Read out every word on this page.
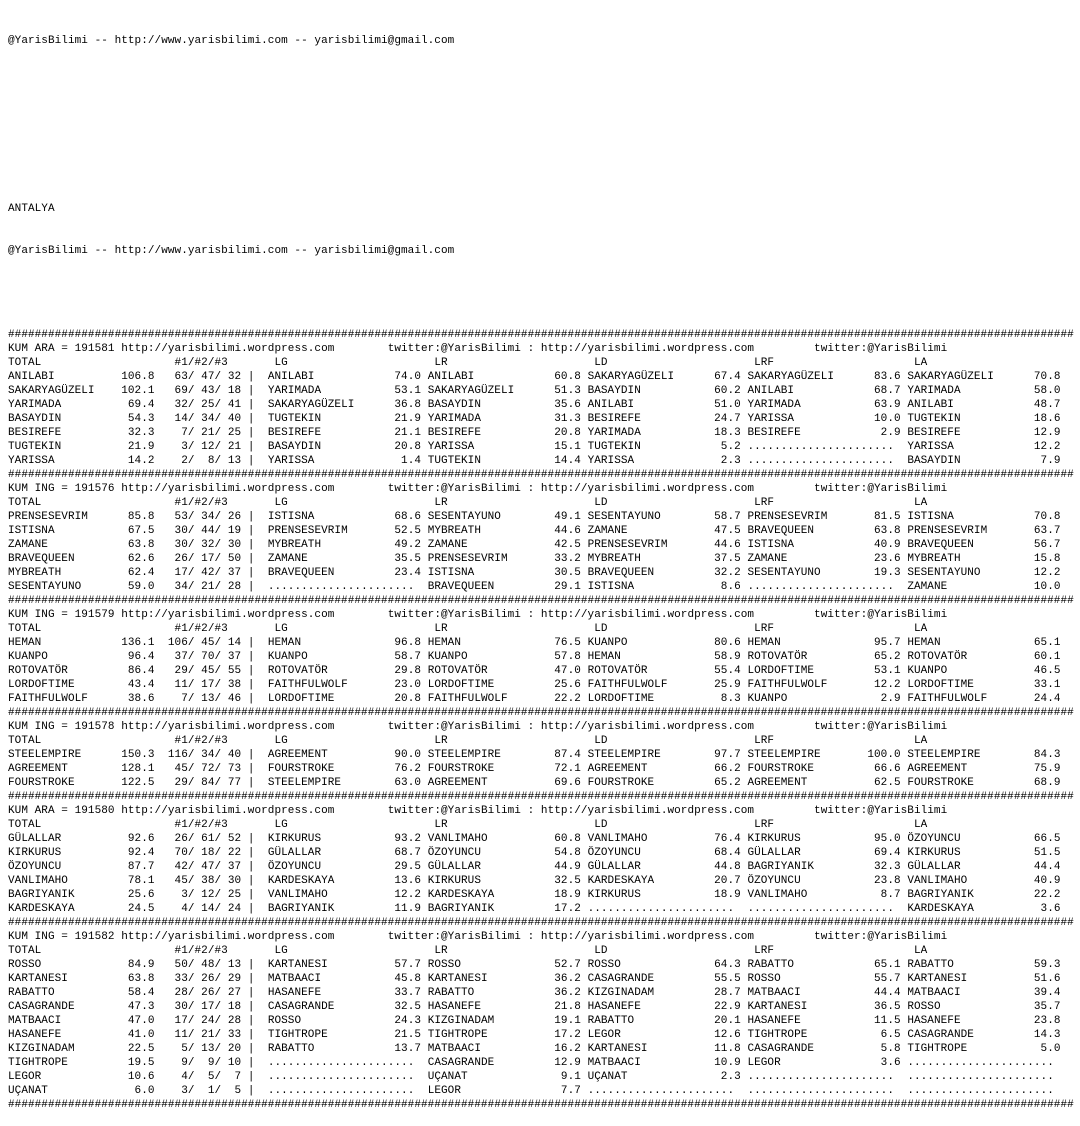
@YarisBilimi -- http://www.yarisbilimi.com -- yarisbilimi@gmail.com

ANTALYA

@YarisBilimi -- http://www.yarisbilimi.com -- yarisbilimi@gmail.com

################################################################################################################################################################
KUM ARA = 191581 http://yarisbilimi.wordpress.com        twitter:@YarisBilimi : http://yarisbilimi.wordpress.com         twitter:@YarisBilimi
TOTAL                    #1/#2/#3       LG                      LR                      LD                      LRF                     LA
ANILABI          106.8   63/ 47/ 32 |  ANILABI            74.0 ANILABI            60.8 SAKARYAGÜZELI      67.4 SAKARYAGÜZELI      83.6 SAKARYAGÜZELI      70.8
SAKARYAGÜZELI    102.1   69/ 43/ 18 |  YARIMADA           53.1 SAKARYAGÜZELI      51.3 BASAYDIN           60.2 ANILABI            68.7 YARIMADA           58.0
YARIMADA          69.4   32/ 25/ 41 |  SAKARYAGÜZELI      36.8 BASAYDIN           35.6 ANILABI            51.0 YARIMADA           63.9 ANILABI            48.7
BASAYDIN          54.3   14/ 34/ 40 |  TUGTEKIN           21.9 YARIMADA           31.3 BESIREFE           24.7 YARISSA            10.0 TUGTEKIN           18.6
BESIREFE          32.3    7/ 21/ 25 |  BESIREFE           21.1 BESIREFE           20.8 YARIMADA           18.3 BESIREFE            2.9 BESIREFE           12.9
TUGTEKIN          21.9    3/ 12/ 21 |  BASAYDIN           20.8 YARISSA            15.1 TUGTEKIN            5.2 ......................  YARISSA            12.2
YARISSA           14.2    2/  8/ 13 |  YARISSA             1.4 TUGTEKIN           14.4 YARISSA             2.3 ......................  BASAYDIN            7.9
################################################################################################################################################################
KUM ING = 191576 http://yarisbilimi.wordpress.com        twitter:@YarisBilimi : http://yarisbilimi.wordpress.com         twitter:@YarisBilimi
TOTAL                    #1/#2/#3       LG                      LR                      LD                      LRF                     LA
PRENSESEVRIM      85.8   53/ 34/ 26 |  ISTISNA            68.6 SESENTAYUNO        49.1 SESENTAYUNO        58.7 PRENSESEVRIM       81.5 ISTISNA            70.8
ISTISNA           67.5   30/ 44/ 19 |  PRENSESEVRIM       52.5 MYBREATH           44.6 ZAMANE             47.5 BRAVEQUEEN         63.8 PRENSESEVRIM       63.7
ZAMANE            63.8   30/ 32/ 30 |  MYBREATH           49.2 ZAMANE             42.5 PRENSESEVRIM       44.6 ISTISNA            40.9 BRAVEQUEEN         56.7
BRAVEQUEEN        62.6   26/ 17/ 50 |  ZAMANE             35.5 PRENSESEVRIM       33.2 MYBREATH           37.5 ZAMANE             23.6 MYBREATH           15.8
MYBREATH          62.4   17/ 42/ 37 |  BRAVEQUEEN         23.4 ISTISNA            30.5 BRAVEQUEEN         32.2 SESENTAYUNO        19.3 SESENTAYUNO        12.2
SESENTAYUNO       59.0   34/ 21/ 28 |  ......................  BRAVEQUEEN         29.1 ISTISNA             8.6 ......................  ZAMANE             10.0
################################################################################################################################################################
KUM ING = 191579 http://yarisbilimi.wordpress.com        twitter:@YarisBilimi : http://yarisbilimi.wordpress.com         twitter:@YarisBilimi
TOTAL                    #1/#2/#3       LG                      LR                      LD                      LRF                     LA
HEMAN            136.1  106/ 45/ 14 |  HEMAN              96.8 HEMAN              76.5 KUANPO             80.6 HEMAN              95.7 HEMAN              65.1
KUANPO            96.4   37/ 70/ 37 |  KUANPO             58.7 KUANPO             57.8 HEMAN              58.9 ROTOVATÖR          65.2 ROTOVATÖR          60.1
ROTOVATÖR         86.4   29/ 45/ 55 |  ROTOVATÖR          29.8 ROTOVATÖR          47.0 ROTOVATÖR          55.4 LORDOFTIME         53.1 KUANPO             46.5
LORDOFTIME        43.4   11/ 17/ 38 |  FAITHFULWOLF       23.0 LORDOFTIME         25.6 FAITHFULWOLF       25.9 FAITHFULWOLF       12.2 LORDOFTIME         33.1
FAITHFULWOLF      38.6    7/ 13/ 46 |  LORDOFTIME         20.8 FAITHFULWOLF       22.2 LORDOFTIME          8.3 KUANPO              2.9 FAITHFULWOLF       24.4
################################################################################################################################################################
KUM ING = 191578 http://yarisbilimi.wordpress.com        twitter:@YarisBilimi : http://yarisbilimi.wordpress.com         twitter:@YarisBilimi
TOTAL                    #1/#2/#3       LG                      LR                      LD                      LRF                     LA
STEELEMPIRE      150.3  116/ 34/ 40 |  AGREEMENT          90.0 STEELEMPIRE        87.4 STEELEMPIRE        97.7 STEELEMPIRE       100.0 STEELEMPIRE        84.3
AGREEMENT        128.1   45/ 72/ 73 |  FOURSTROKE         76.2 FOURSTROKE         72.1 AGREEMENT          66.2 FOURSTROKE         66.6 AGREEMENT          75.9
FOURSTROKE       122.5   29/ 84/ 77 |  STEELEMPIRE        63.0 AGREEMENT          69.6 FOURSTROKE         65.2 AGREEMENT          62.5 FOURSTROKE         68.9
################################################################################################################################################################
KUM ARA = 191580 http://yarisbilimi.wordpress.com        twitter:@YarisBilimi : http://yarisbilimi.wordpress.com         twitter:@YarisBilimi
TOTAL                    #1/#2/#3       LG                      LR                      LD                      LRF                     LA
GÜLALLAR          92.6   26/ 61/ 52 |  KIRKURUS           93.2 VANLIMAHO          60.8 VANLIMAHO          76.4 KIRKURUS           95.0 ÖZOYUNCU           66.5
KIRKURUS          92.4   70/ 18/ 22 |  GÜLALLAR           68.7 ÖZOYUNCU           54.8 ÖZOYUNCU           68.4 GÜLALLAR           69.4 KIRKURUS           51.5
ÖZOYUNCU          87.7   42/ 47/ 37 |  ÖZOYUNCU           29.5 GÜLALLAR           44.9 GÜLALLAR           44.8 BAGRIYANIK         32.3 GÜLALLAR           44.4
VANLIMAHO         78.1   45/ 38/ 30 |  KARDESKAYA         13.6 KIRKURUS           32.5 KARDESKAYA         20.7 ÖZOYUNCU           23.8 VANLIMAHO          40.9
BAGRIYANIK        25.6    3/ 12/ 25 |  VANLIMAHO          12.2 KARDESKAYA         18.9 KIRKURUS           18.9 VANLIMAHO           8.7 BAGRIYANIK         22.2
KARDESKAYA        24.5    4/ 14/ 24 |  BAGRIYANIK         11.9 BAGRIYANIK         17.2 ......................  ......................  KARDESKAYA          3.6
################################################################################################################################################################
KUM ING = 191582 http://yarisbilimi.wordpress.com        twitter:@YarisBilimi : http://yarisbilimi.wordpress.com         twitter:@YarisBilimi
TOTAL                    #1/#2/#3       LG                      LR                      LD                      LRF                     LA
ROSSO             84.9   50/ 48/ 13 |  KARTANESI          57.7 ROSSO              52.7 ROSSO              64.3 RABATTO            65.1 RABATTO            59.3
KARTANESI         63.8   33/ 26/ 29 |  MATBAACI           45.8 KARTANESI          36.2 CASAGRANDE         55.5 ROSSO              55.7 KARTANESI          51.6
RABATTO           58.4   28/ 26/ 27 |  HASANEFE           33.7 RABATTO            36.2 KIZGINADAM         28.7 MATBAACI           44.4 MATBAACI           39.4
CASAGRANDE        47.3   30/ 17/ 18 |  CASAGRANDE         32.5 HASANEFE           21.8 HASANEFE           22.9 KARTANESI          36.5 ROSSO              35.7
MATBAACI          47.0   17/ 24/ 28 |  ROSSO              24.3 KIZGINADAM         19.1 RABATTO            20.1 HASANEFE           11.5 HASANEFE           23.8
HASANEFE          41.0   11/ 21/ 33 |  TIGHTROPE          21.5 TIGHTROPE          17.2 LEGOR              12.6 TIGHTROPE           6.5 CASAGRANDE         14.3
KIZGINADAM        22.5    5/ 13/ 20 |  RABATTO            13.7 MATBAACI           16.2 KARTANESI          11.8 CASAGRANDE          5.8 TIGHTROPE           5.0
TIGHTROPE         19.5    9/  9/ 10 |  ......................  CASAGRANDE         12.9 MATBAACI           10.9 LEGOR               3.6 ......................
LEGOR             10.6    4/  5/  7 |  ......................  UÇANAT              9.1 UÇANAT              2.3 ......................  ......................
UÇANAT             6.0    3/  1/  5 |  ......................  LEGOR               7.7 ......................  ......................  ......................
################################################################################################################################################################
